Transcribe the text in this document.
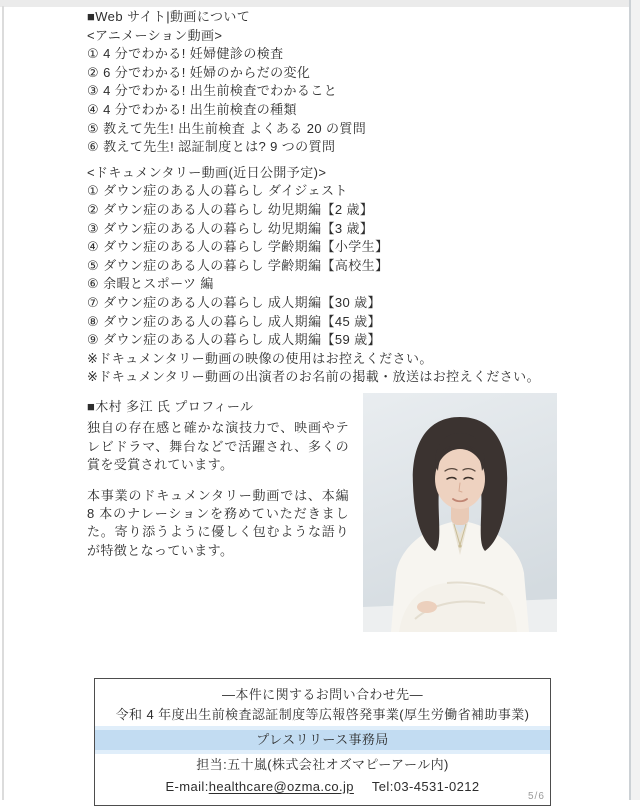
■Web サイト|動画について
<アニメーション動画>
① 4 分でわかる! 妊婦健診の検査
② 6 分でわかる! 妊婦のからだの変化
③ 4 分でわかる! 出生前検査でわかること
④ 4 分でわかる! 出生前検査の種類
⑤ 教えて先生! 出生前検査 よくある 20 の質問
⑥ 教えて先生! 認証制度とは? 9 つの質問
<ドキュメンタリー動画(近日公開予定)>
① ダウン症のある人の暮らし ダイジェスト
② ダウン症のある人の暮らし 幼児期編【2 歳】
③ ダウン症のある人の暮らし 幼児期編【3 歳】
④ ダウン症のある人の暮らし 学齢期編【小学生】
⑤ ダウン症のある人の暮らし 学齢期編【高校生】
⑥ 余暇とスポーツ 編
⑦ ダウン症のある人の暮らし 成人期編【30 歳】
⑧ ダウン症のある人の暮らし 成人期編【45 歳】
⑨ ダウン症のある人の暮らし 成人期編【59 歳】
※ドキュメンタリー動画の映像の使用はお控えください。
※ドキュメンタリー動画の出演者のお名前の掲載・放送はお控えください。
■木村 多江 氏 プロフィール
独自の存在感と確かな演技力で、映画やテレビドラマ、舞台などで活躍され、多くの賞を受賞されています。
本事業のドキュメンタリー動画では、本編 8 本のナレーションを務めていただきました。寄り添うように優しく包むような語りが特徴となっています。
―本件に関するお問い合わせ先―
令和 4 年度出生前検査認証制度等広報啓発事業(厚生労働省補助事業)
プレスリリース事務局
担当:五十嵐(株式会社オズマピーアール内)
E-mail:healthcare@ozma.co.jp Tel:03-4531-0212
5/6
